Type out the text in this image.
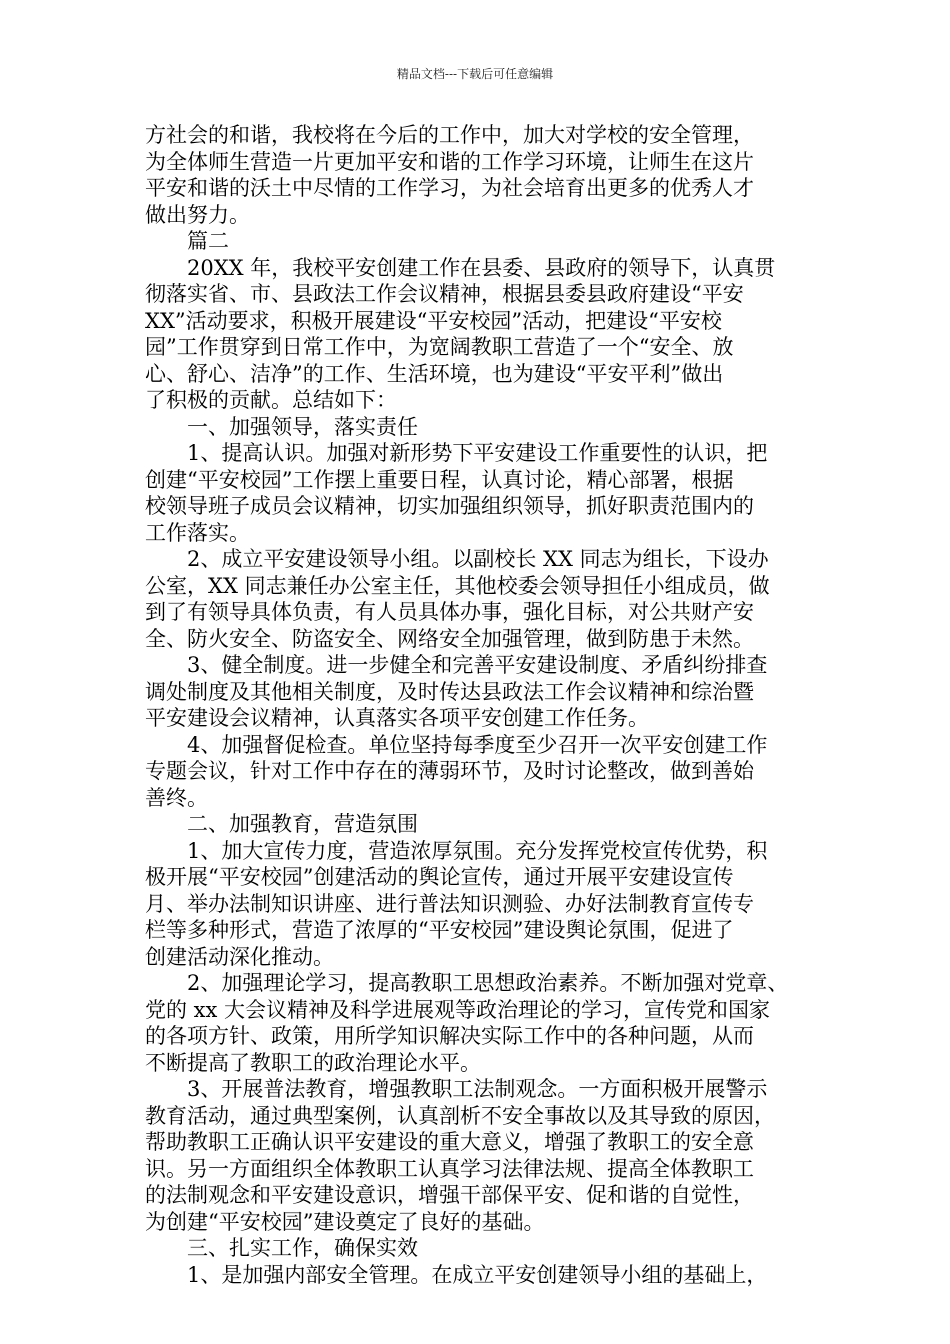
精品文档---下载后可任意编辑
方社会的和谐，我校将在今后的工作中，加大对学校的安全管理，
为全体师生营造一片更加平安和谐的工作学习环境，让师生在这片
平安和谐的沃土中尽情的工作学习，为社会培育出更多的优秀人才
做出努力。
篇二
20XX 年，我校平安创建工作在县委、县政府的领导下，认真贯
彻落实省、市、县政法工作会议精神，根据县委县政府建设“平安
XX”活动要求，积极开展建设“平安校园”活动，把建设“平安校
园”工作贯穿到日常工作中，为宽阔教职工营造了一个“安全、放
心、舒心、洁净”的工作、生活环境，也为建设“平安平利”做出
了积极的贡献。总结如下：
一、加强领导，落实责任
1、提高认识。加强对新形势下平安建设工作重要性的认识，把
创建“平安校园”工作摆上重要日程，认真讨论，精心部署，根据
校领导班子成员会议精神，切实加强组织领导，抓好职责范围内的
工作落实。
2、成立平安建设领导小组。以副校长 XX 同志为组长，下设办
公室，XX 同志兼任办公室主任，其他校委会领导担任小组成员，做
到了有领导具体负责，有人员具体办事，强化目标，对公共财产安
全、防火安全、防盗安全、网络安全加强管理，做到防患于未然。
3、健全制度。进一步健全和完善平安建设制度、矛盾纠纷排查
调处制度及其他相关制度，及时传达县政法工作会议精神和综治暨
平安建设会议精神，认真落实各项平安创建工作任务。
4、加强督促检查。单位坚持每季度至少召开一次平安创建工作
专题会议，针对工作中存在的薄弱环节，及时讨论整改，做到善始
善终。
二、加强教育，营造氛围
1、加大宣传力度，营造浓厚氛围。充分发挥党校宣传优势，积
极开展“平安校园”创建活动的舆论宣传，通过开展平安建设宣传
月、举办法制知识讲座、进行普法知识测验、办好法制教育宣传专
栏等多种形式，营造了浓厚的“平安校园”建设舆论氛围，促进了
创建活动深化推动。
2、加强理论学习，提高教职工思想政治素养。不断加强对党章、
党的 xx 大会议精神及科学进展观等政治理论的学习，宣传党和国家
的各项方针、政策，用所学知识解决实际工作中的各种问题，从而
不断提高了教职工的政治理论水平。
3、开展普法教育，增强教职工法制观念。一方面积极开展警示
教育活动，通过典型案例，认真剖析不安全事故以及其导致的原因，
帮助教职工正确认识平安建设的重大意义，增强了教职工的安全意
识。另一方面组织全体教职工认真学习法律法规、提高全体教职工
的法制观念和平安建设意识，增强干部保平安、促和谐的自觉性，
为创建“平安校园”建设奠定了良好的基础。
三、扎实工作，确保实效
1、是加强内部安全管理。在成立平安创建领导小组的基础上，
